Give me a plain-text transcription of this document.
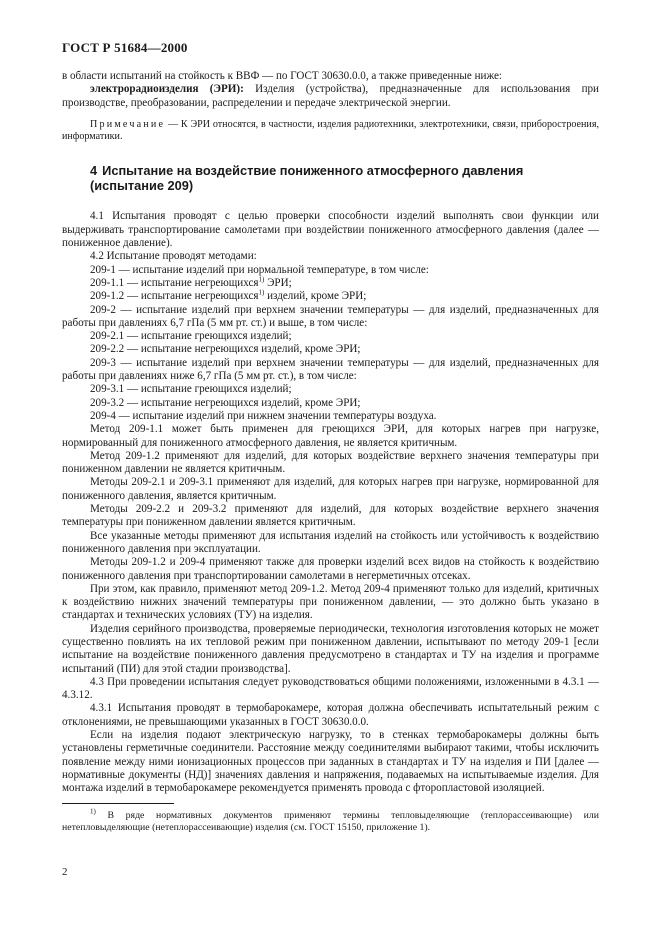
ГОСТ Р 51684—2000

в области испытаний на стойкость к ВВФ — по ГОСТ 30630.0.0, а также приведенные ниже:

электрорадиоизделия (ЭРИ): Изделия (устройства), предназначенные для использования при производстве, преобразовании, распределении и передаче электрической энергии.

Примечание — К ЭРИ относятся, в частности, изделия радиотехники, электротехники, связи, приборостроения, информатики.

4 Испытание на воздействие пониженного атмосферного давления (испытание 209)

4.1 Испытания проводят с целью проверки способности изделий выполнять свои функции или выдерживать транспортирование самолетами при воздействии пониженного атмосферного давления (далее — пониженное давление).

4.2 Испытание проводят методами:

209-1 — испытание изделий при нормальной температуре, в том числе:

209-1.1 — испытание негреющихся$^{1)}$ ЭРИ;

209-1.2 — испытание негреющихся$^{1)}$ изделий, кроме ЭРИ;

209-2 — испытание изделий при верхнем значении температуры — для изделий, предназначенных для работы при давлениях 6,7 гПа (5 мм рт. ст.) и выше, в том числе:

209-2.1 — испытание греющихся изделий;

209-2.2 — испытание негреющихся изделий, кроме ЭРИ;

209-3 — испытание изделий при верхнем значении температуры — для изделий, предназначенных для работы при давлениях ниже 6,7 гПа (5 мм рт. ст.), в том числе:

209-3.1 — испытание греющихся изделий;

209-3.2 — испытание негреющихся изделий, кроме ЭРИ;

209-4 — испытание изделий при нижнем значении температуры воздуха.

Метод 209-1.1 может быть применен для греющихся ЭРИ, для которых нагрев при нагрузке, нормированный для пониженного атмосферного давления, не является критичным.

Метод 209-1.2 применяют для изделий, для которых воздействие верхнего значения температуры при пониженном давлении не является критичным.

Методы 209-2.1 и 209-3.1 применяют для изделий, для которых нагрев при нагрузке, нормированной для пониженного давления, является критичным.

Методы 209-2.2 и 209-3.2 применяют для изделий, для которых воздействие верхнего значения температуры при пониженном давлении является критичным.

Все указанные методы применяют для испытания изделий на стойкость или устойчивость к воздействию пониженного давления при эксплуатации.

Методы 209-1.2 и 209-4 применяют также для проверки изделий всех видов на стойкость к воздействию пониженного давления при транспортировании самолетами в негерметичных отсеках.

При этом, как правило, применяют метод 209-1.2. Метод 209-4 применяют только для изделий, критичных к воздействию нижних значений температуры при пониженном давлении, — это должно быть указано в стандартах и технических условиях (ТУ) на изделия.

Изделия серийного производства, проверяемые периодически, технология изготовления которых не может существенно повлиять на их тепловой режим при пониженном давлении, испытывают по методу 209-1 [если испытание на воздействие пониженного давления предусмотрено в стандартах и ТУ на изделия и программе испытаний (ПИ) для этой стадии производства].

4.3 При проведении испытания следует руководствоваться общими положениями, изложенными в 4.3.1 — 4.3.12.

4.3.1 Испытания проводят в термобарокамере, которая должна обеспечивать испытательный режим с отклонениями, не превышающими указанных в ГОСТ 30630.0.0.

Если на изделия подают электрическую нагрузку, то в стенках термобарокамеры должны быть установлены герметичные соединители. Расстояние между соединителями выбирают такими, чтобы исключить появление между ними ионизационных процессов при заданных в стандартах и ТУ на изделия и ПИ [далее — нормативные документы (НД)] значениях давления и напряжения, подаваемых на испытываемые изделия. Для монтажа изделий в термобарокамере рекомендуется применять провода с фторопластовой изоляцией.

$^{1)}$ В ряде нормативных документов применяют термины тепловыделяющие (теплорассеивающие) или нетепловыделяющие (нетеплорассеивающие) изделия (см. ГОСТ 15150, приложение 1).

2
